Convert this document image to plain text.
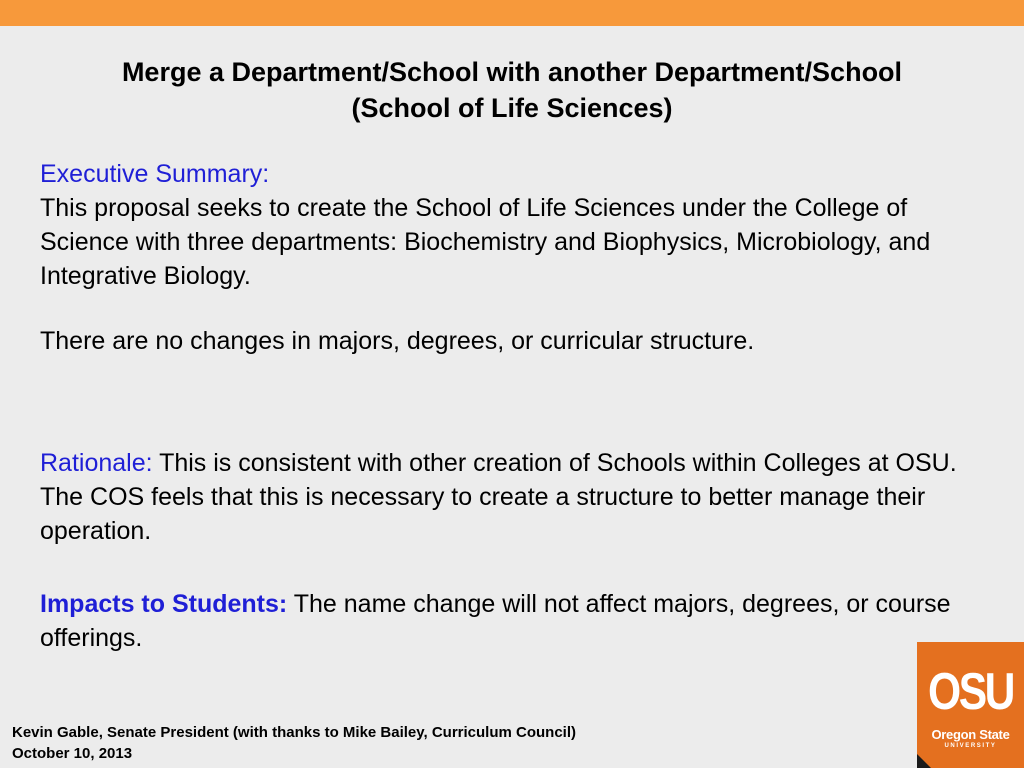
Merge a Department/School with another Department/School
(School of Life Sciences)
Executive Summary:
This proposal seeks to create the School of Life Sciences under the College of Science with three departments: Biochemistry and Biophysics, Microbiology, and Integrative Biology.
There are no changes in majors, degrees, or curricular structure.
Rationale: This is consistent with other creation of Schools within Colleges at OSU. The COS feels that this is necessary to create a structure to better manage their operation.
Impacts to Students: The name change will not affect majors, degrees, or course offerings.
Kevin Gable, Senate President (with thanks to Mike Bailey, Curriculum Council)
October 10, 2013
OSU
Oregon State
UNIVERSITY
